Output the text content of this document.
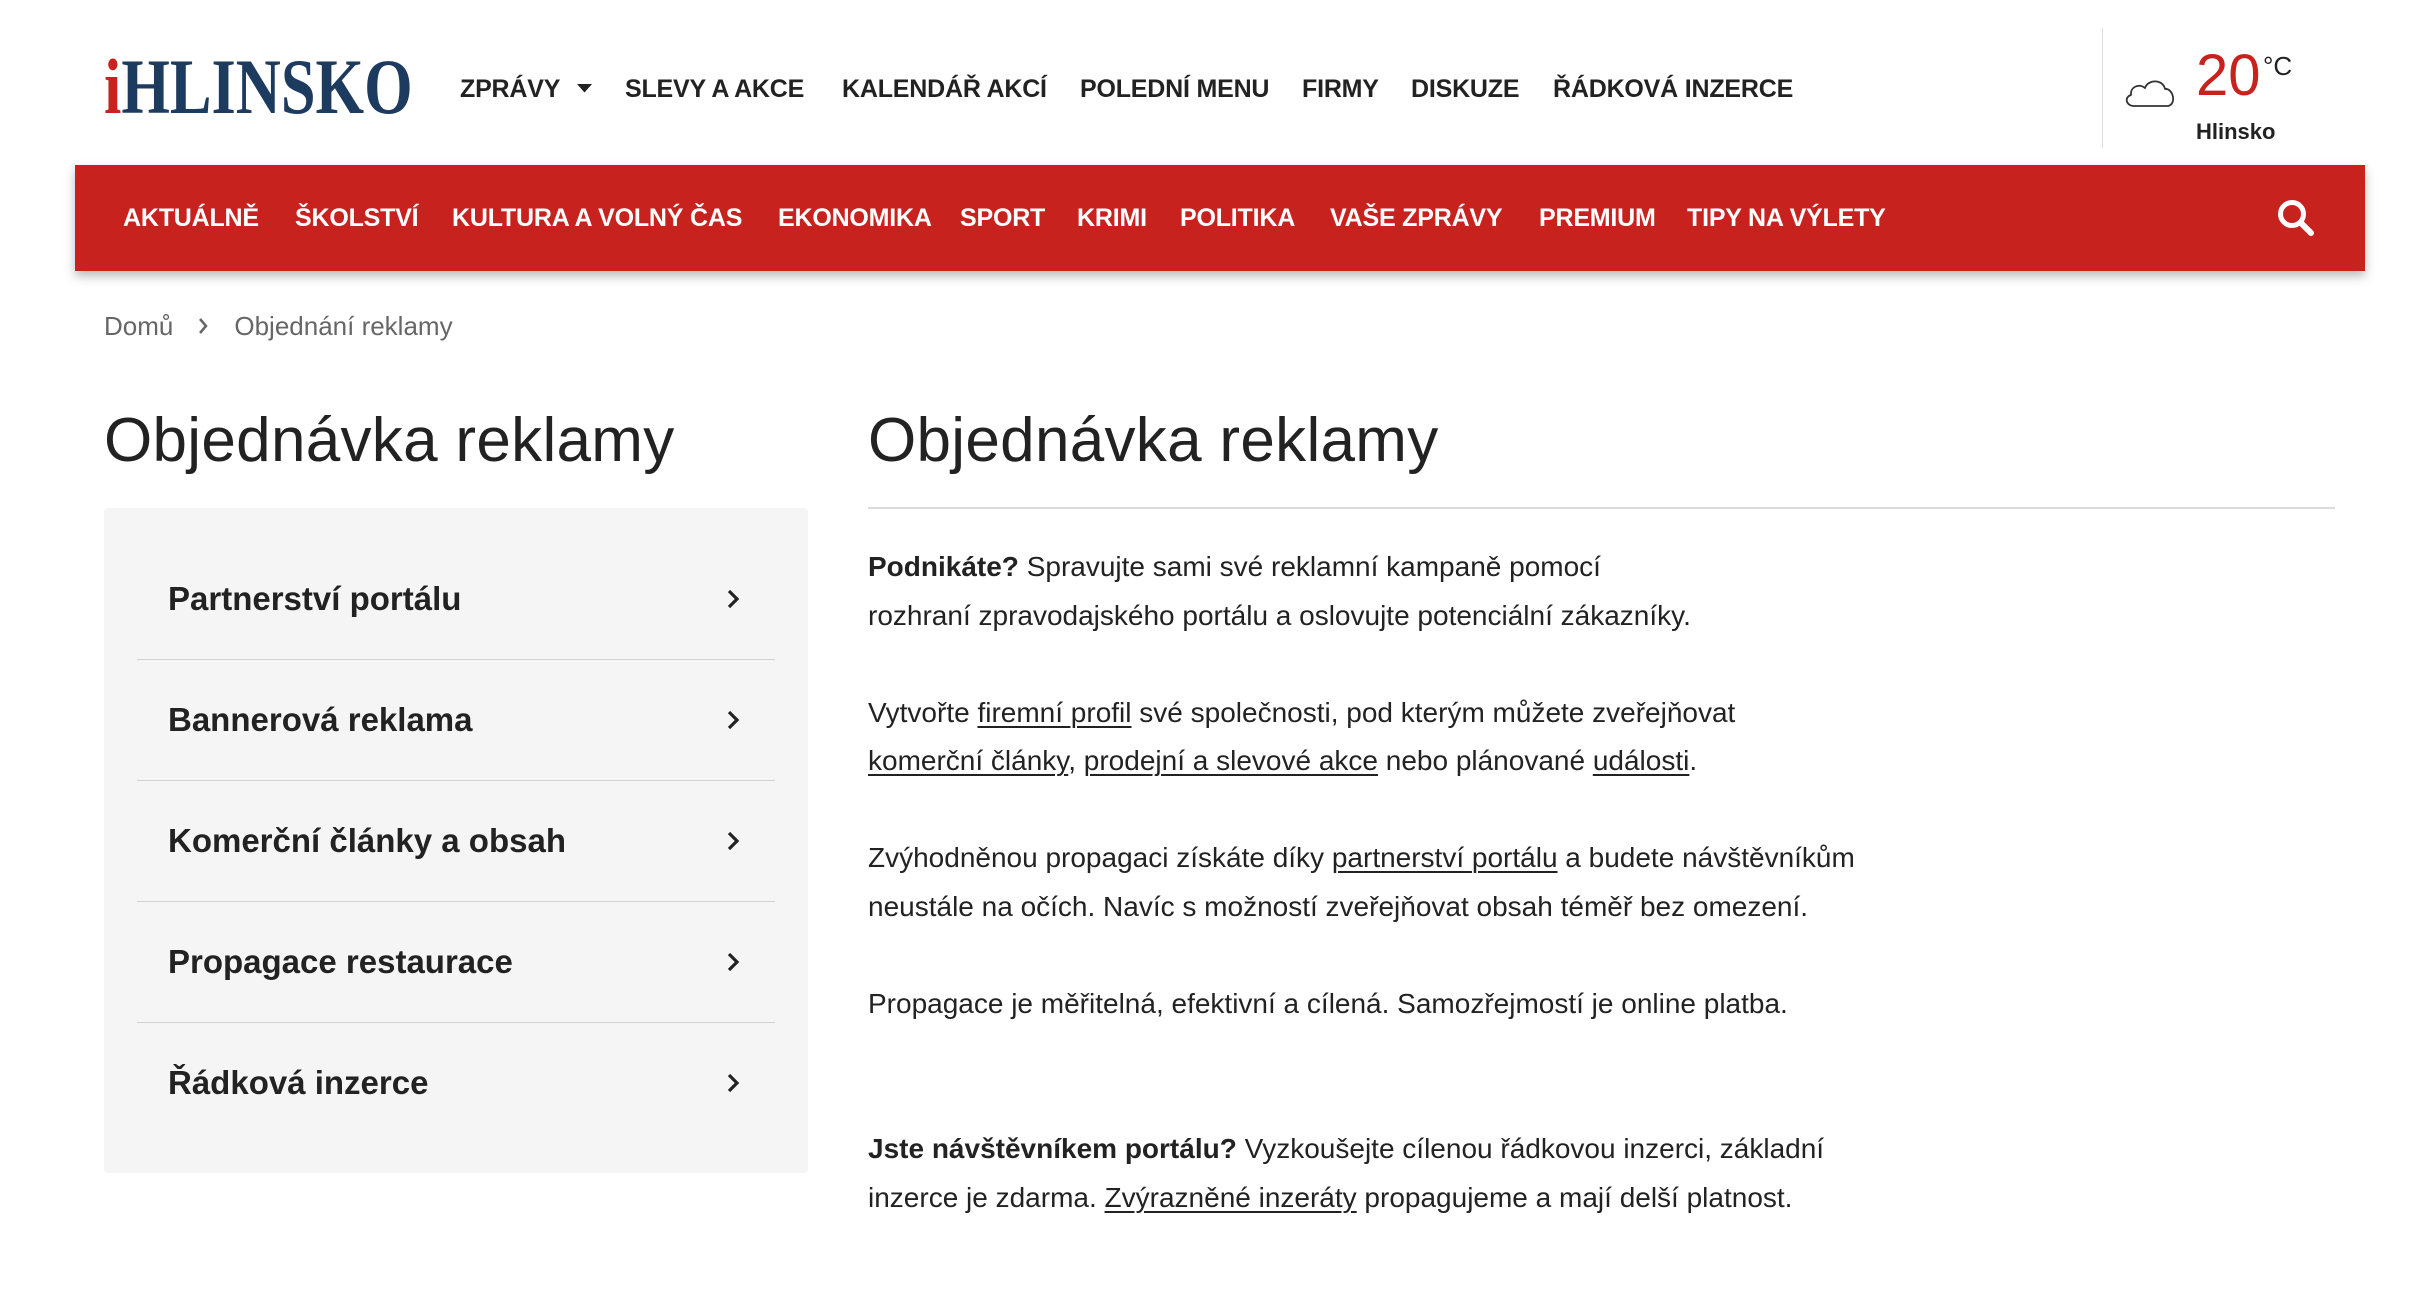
iHLINSKO ZPRÁVY	SLEVY A AKCE KALENDÁŘ AKCÍ POLEDNÍ MENU FIRMY DISKUZE ŘÁDKOVÁ INZERCE	20 °C
Hlinsko
AKTUÁLNĚ ŠKOLSTVÍ KULTURA A VOLNÝ ČAS EKONOMIKA SPORT KRIMI POLITIKA VAŠE ZPRÁVY PREMIUM TIPY NA VÝLETY
Domů Objednání reklamy
Objednávka reklamy	Objednávka reklamy
Partnerství portálu
Bannerová reklama
Komerční články a obsah
Propagace restaurace
Řádková inzerce
Podnikáte? Spravujte sami své reklamní kampaně pomocí
rozhraní zpravodajského portálu a oslovujte potenciální zákazníky.
Vytvořte firemní profil své společnosti, pod kterým můžete zveřejňovat
komerční články, prodejní a slevové akce nebo plánované události.
Zvýhodněnou propagaci získáte díky partnerství portálu a budete návštěvníkům
neustále na očích. Navíc s možností zveřejňovat obsah téměř bez omezení.
Propagace je měřitelná, efektivní a cílená. Samozřejmostí je online platba.
Jste návštěvníkem portálu? Vyzkoušejte cílenou řádkovou inzerci, základní
inzerce je zdarma. Zvýrazněné inzeráty propagujeme a mají delší platnost.
